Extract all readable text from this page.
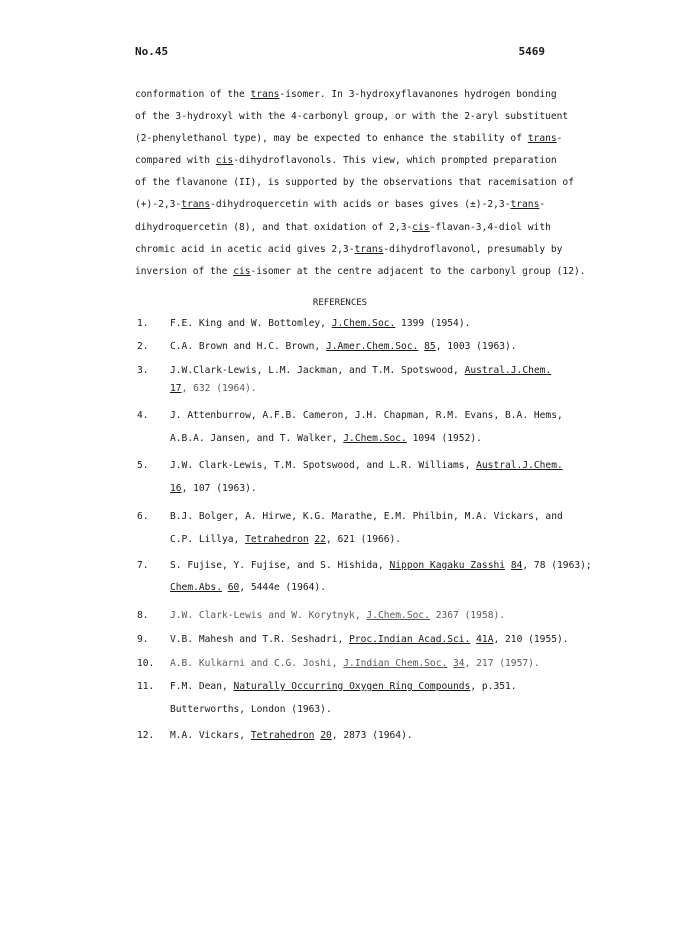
No.45	5469
conformation of the trans-isomer. In 3-hydroxyflavanones hydrogen bonding
of the 3-hydroxyl with the 4-carbonyl group, or with the 2-aryl substituent
(2-phenylethanol type), may be expected to enhance the stability of trans-
compared with cis-dihydroflavonols. This view, which prompted preparation
of the flavanone (II), is supported by the observations that racemisation of
(+)-2,3-trans-dihydroquercetin with acids or bases gives (±)-2,3-trans-
dihydroquercetin (8), and that oxidation of 2,3-cis-flavan-3,4-diol with
chromic acid in acetic acid gives 2,3-trans-dihydroflavonol, presumably by
inversion of the cis-isomer at the centre adjacent to the carbonyl group (12).
REFERENCES
1.	F.E. King and W. Bottomley, J.Chem.Soc. 1399 (1954).
2.	C.A. Brown and H.C. Brown, J.Amer.Chem.Soc. 85, 1003 (1963).
3.	J.W.Clark-Lewis, L.M. Jackman, and T.M. Spotswood, Austral.J.Chem.
17, 632 (1964).
4.	J. Attenburrow, A.F.B. Cameron, J.H. Chapman, R.M. Evans, B.A. Hems,
A.B.A. Jansen, and T. Walker, J.Chem.Soc. 1094 (1952).
5.	J.W. Clark-Lewis, T.M. Spotswood, and L.R. Williams, Austral.J.Chem.
16, 107 (1963).
6.	B.J. Bolger, A. Hirwe, K.G. Marathe, E.M. Philbin, M.A. Vickars, and
C.P. Lillya, Tetrahedron 22, 621 (1966).
7.	S. Fujise, Y. Fujise, and S. Hishida, Nippon Kagaku Zasshi 84, 78 (1963);
Chem.Abs. 60, 5444e (1964).
8.	J.W. Clark-Lewis and W. Korytnyk, J.Chem.Soc. 2367 (1958).
9.	V.B. Mahesh and T.R. Seshadri, Proc.Indian Acad.Sci. 41A, 210 (1955).
10.	A.B. Kulkarni and C.G. Joshi, J.Indian Chem.Soc. 34, 217 (1957).
11.	F.M. Dean, Naturally Occurring Oxygen Ring Compounds, p.351.
Butterworths, London (1963).
12.	M.A. Vickars, Tetrahedron 20, 2873 (1964).
